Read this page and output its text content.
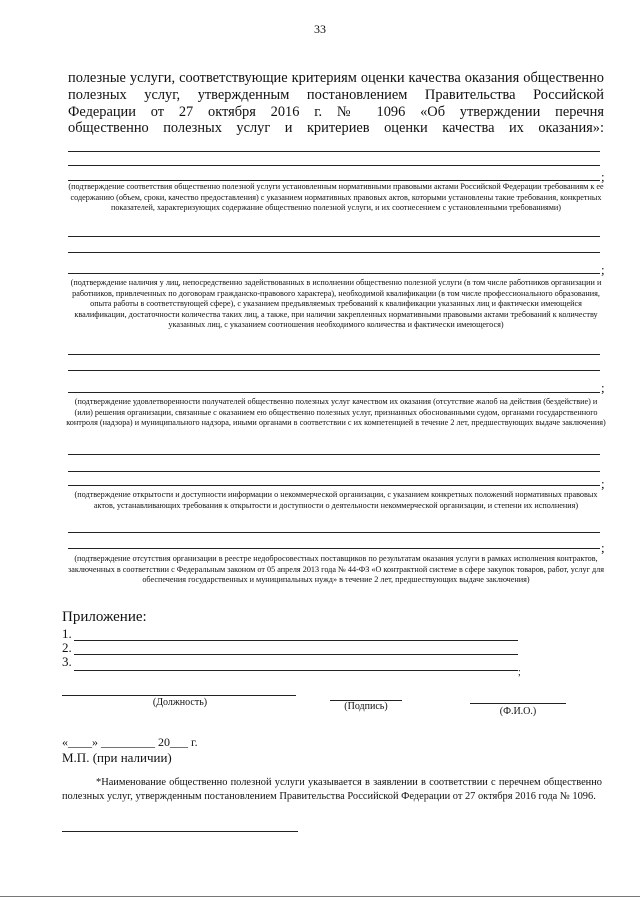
33

полезные услуги, соответствующие критериям оценки качества оказания общественно полезных услуг, утвержденным постановлением Правительства Российской Федерации от 27 октября 2016 г. № 1096 «Об утверждении перечня

общественно полезных услуг и критериев оценки качества их оказания»:

;

(подтверждение соответствия общественно полезной услуги установленным нормативными правовыми актами Российской Федерации требованиям к ее содержанию (объем, сроки, качество предоставления) с указанием нормативных правовых актов, которыми установлены такие требования, конкретных показателей, характеризующих содержание общественно полезной услуги, и их соотнесением с установленными требованиями)

;

(подтверждение наличия у лиц, непосредственно задействованных в исполнении общественно полезной услуги (в том числе работников организации и работников, привлеченных по договорам гражданско-правового характера), необходимой квалификации (в том числе профессионального образования, опыта работы в соответствующей сфере), с указанием предъявляемых требований к квалификации указанных лиц и фактически имеющейся квалификации, достаточности количества таких лиц, а также, при наличии закрепленных нормативными правовыми актами требований к количеству указанных лиц, с указанием соотношения необходимого количества и фактически имеющегося)

;

(подтверждение удовлетворенности получателей общественно полезных услуг качеством их оказания (отсутствие жалоб на действия (бездействие) и (или) решения организации, связанные с оказанием ею общественно полезных услуг, признанных обоснованными судом, органами государственного контроля (надзора) и муниципального надзора, иными органами в соответствии с их компетенцией в течение 2 лет, предшествующих выдаче заключения)

;

(подтверждение открытости и доступности информации о некоммерческой организации, с указанием конкретных положений нормативных правовых актов, устанавливающих требования к открытости и доступности о деятельности некоммерческой организации, и степени их исполнения)

;

(подтверждение отсутствия организации в реестре недобросовестных поставщиков по результатам оказания услуги в рамках исполнения контрактов, заключенных в соответствии с Федеральным законом от 05 апреля 2013 года № 44-ФЗ «О контрактной системе в сфере закупок товаров, работ, услуг для обеспечения государственных и муниципальных нужд» в течение 2 лет, предшествующих выдаче заключения)

Приложение:

1.
2.
3.
;
(Должность)	(Подпись)	(Ф.И.О.)
«____» _________ 20___ г.
М.П. (при наличии)

*Наименование общественно полезной услуги указывается в заявлении в соответствии с перечнем общественно полезных услуг, утвержденным постановлением Правительства Российской Федерации от 27 октября 2016 года № 1096.
